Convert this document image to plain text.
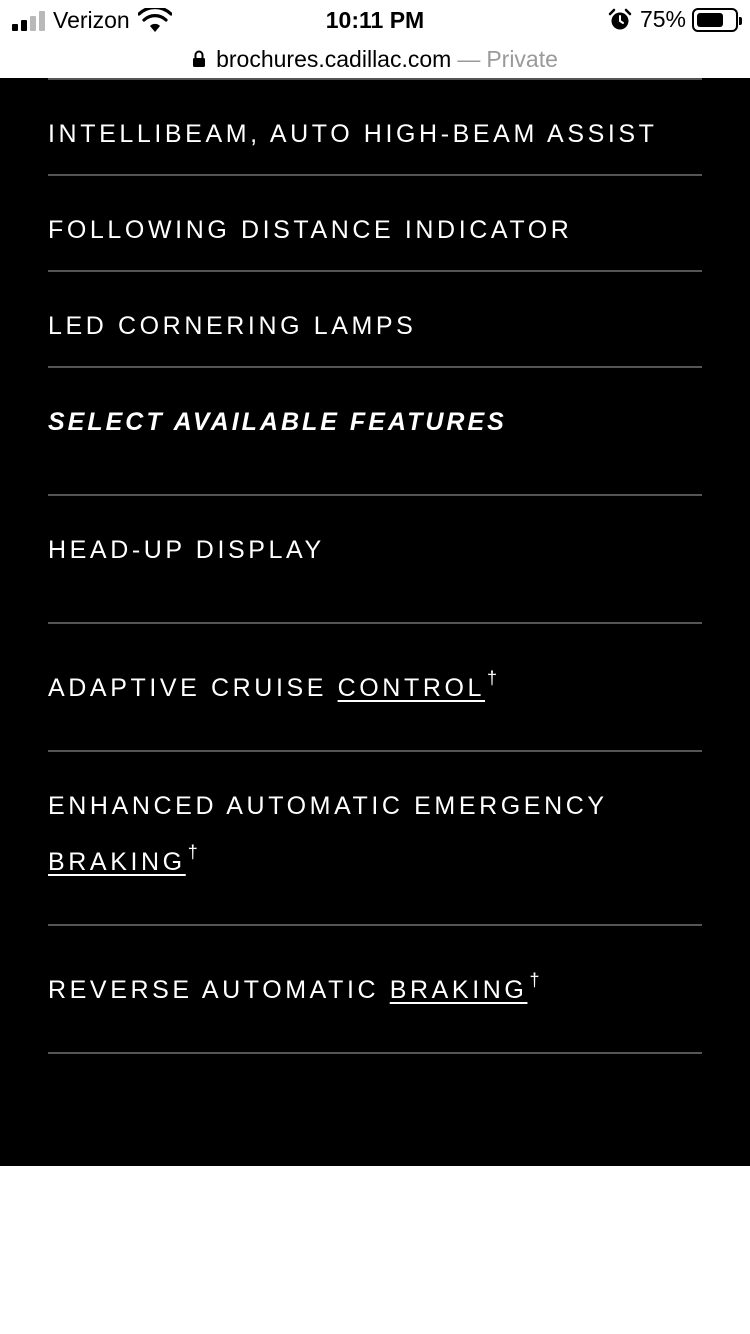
Verizon	10:11 PM	75%
brochures.cadillac.com — Private
INTELLIBEAM, AUTO HIGH-BEAM ASSIST
FOLLOWING DISTANCE INDICATOR
LED CORNERING LAMPS
SELECT AVAILABLE FEATURES
HEAD-UP DISPLAY
ADAPTIVE CRUISE CONTROL †
ENHANCED AUTOMATIC EMERGENCY
BRAKING †
REVERSE AUTOMATIC BRAKING †
